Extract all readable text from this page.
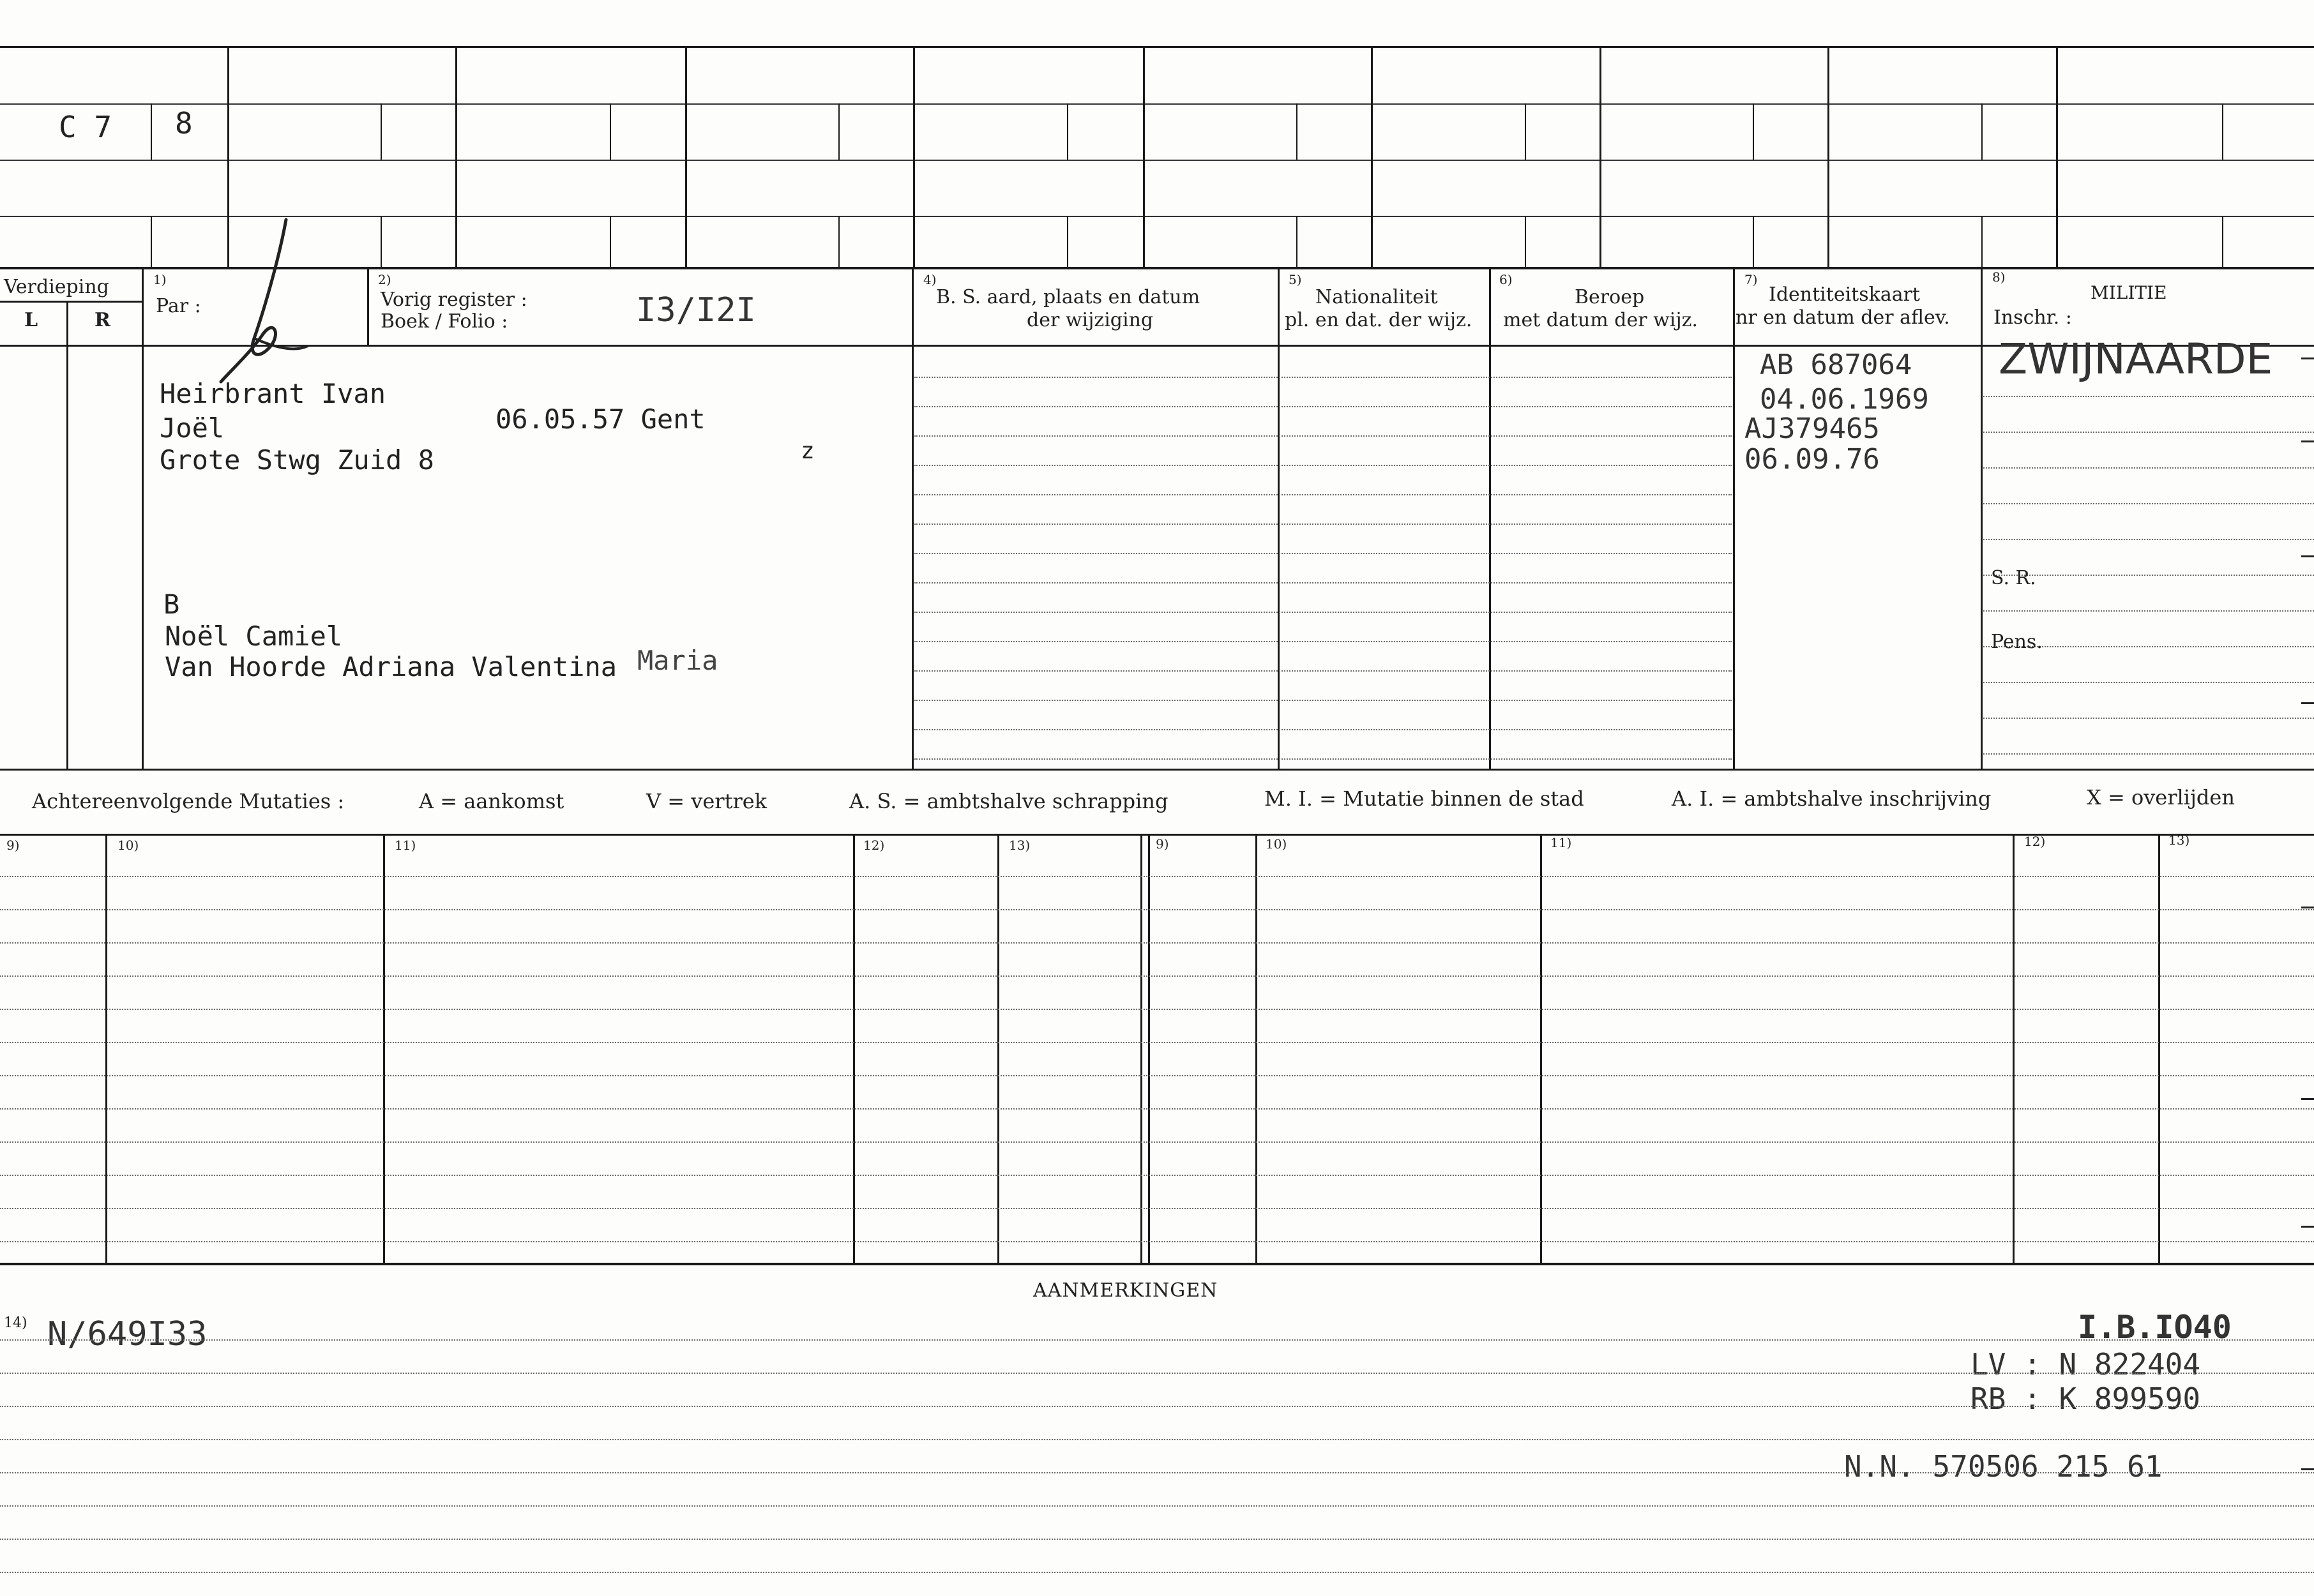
C 7 8
Verdieping
L	R
1)
Par :
2)
Vorig register :
Boek / Folio :	I3/I2I
4)
B. S. aard, plaats en datum
der wijziging
5)
Nationaliteit
pl. en dat. der wijz.
6)
Beroep
met datum der wijz.
7)
Identiteitskaart
nr en datum der aflev.
8)
MILITIE
Inschr. :
Heirbrant Ivan
Joël	06.05.57 Gent
Grote Stwg Zuid 8	z
B
Noël Camiel
Van Hoorde Adriana Valentina Maria
AB 687064
04.06.1969
AJ379465
06.09.76
ZWIJNAARDE
S. R.
Pens.
Achtereenvolgende Mutaties :	A = aankomst	V = vertrek	A. S. = ambtshalve schrapping	M. I. = Mutatie binnen de stad	A. I. = ambtshalve inschrijving	X = overlijden
9)	10)	11)	12)	13)	9)	10)	11)	12)	13)
AANMERKINGEN
14) N/649I33	I.B.IO40
LV : N 822404
RB : K 899590
N.N. 570506 215 61
